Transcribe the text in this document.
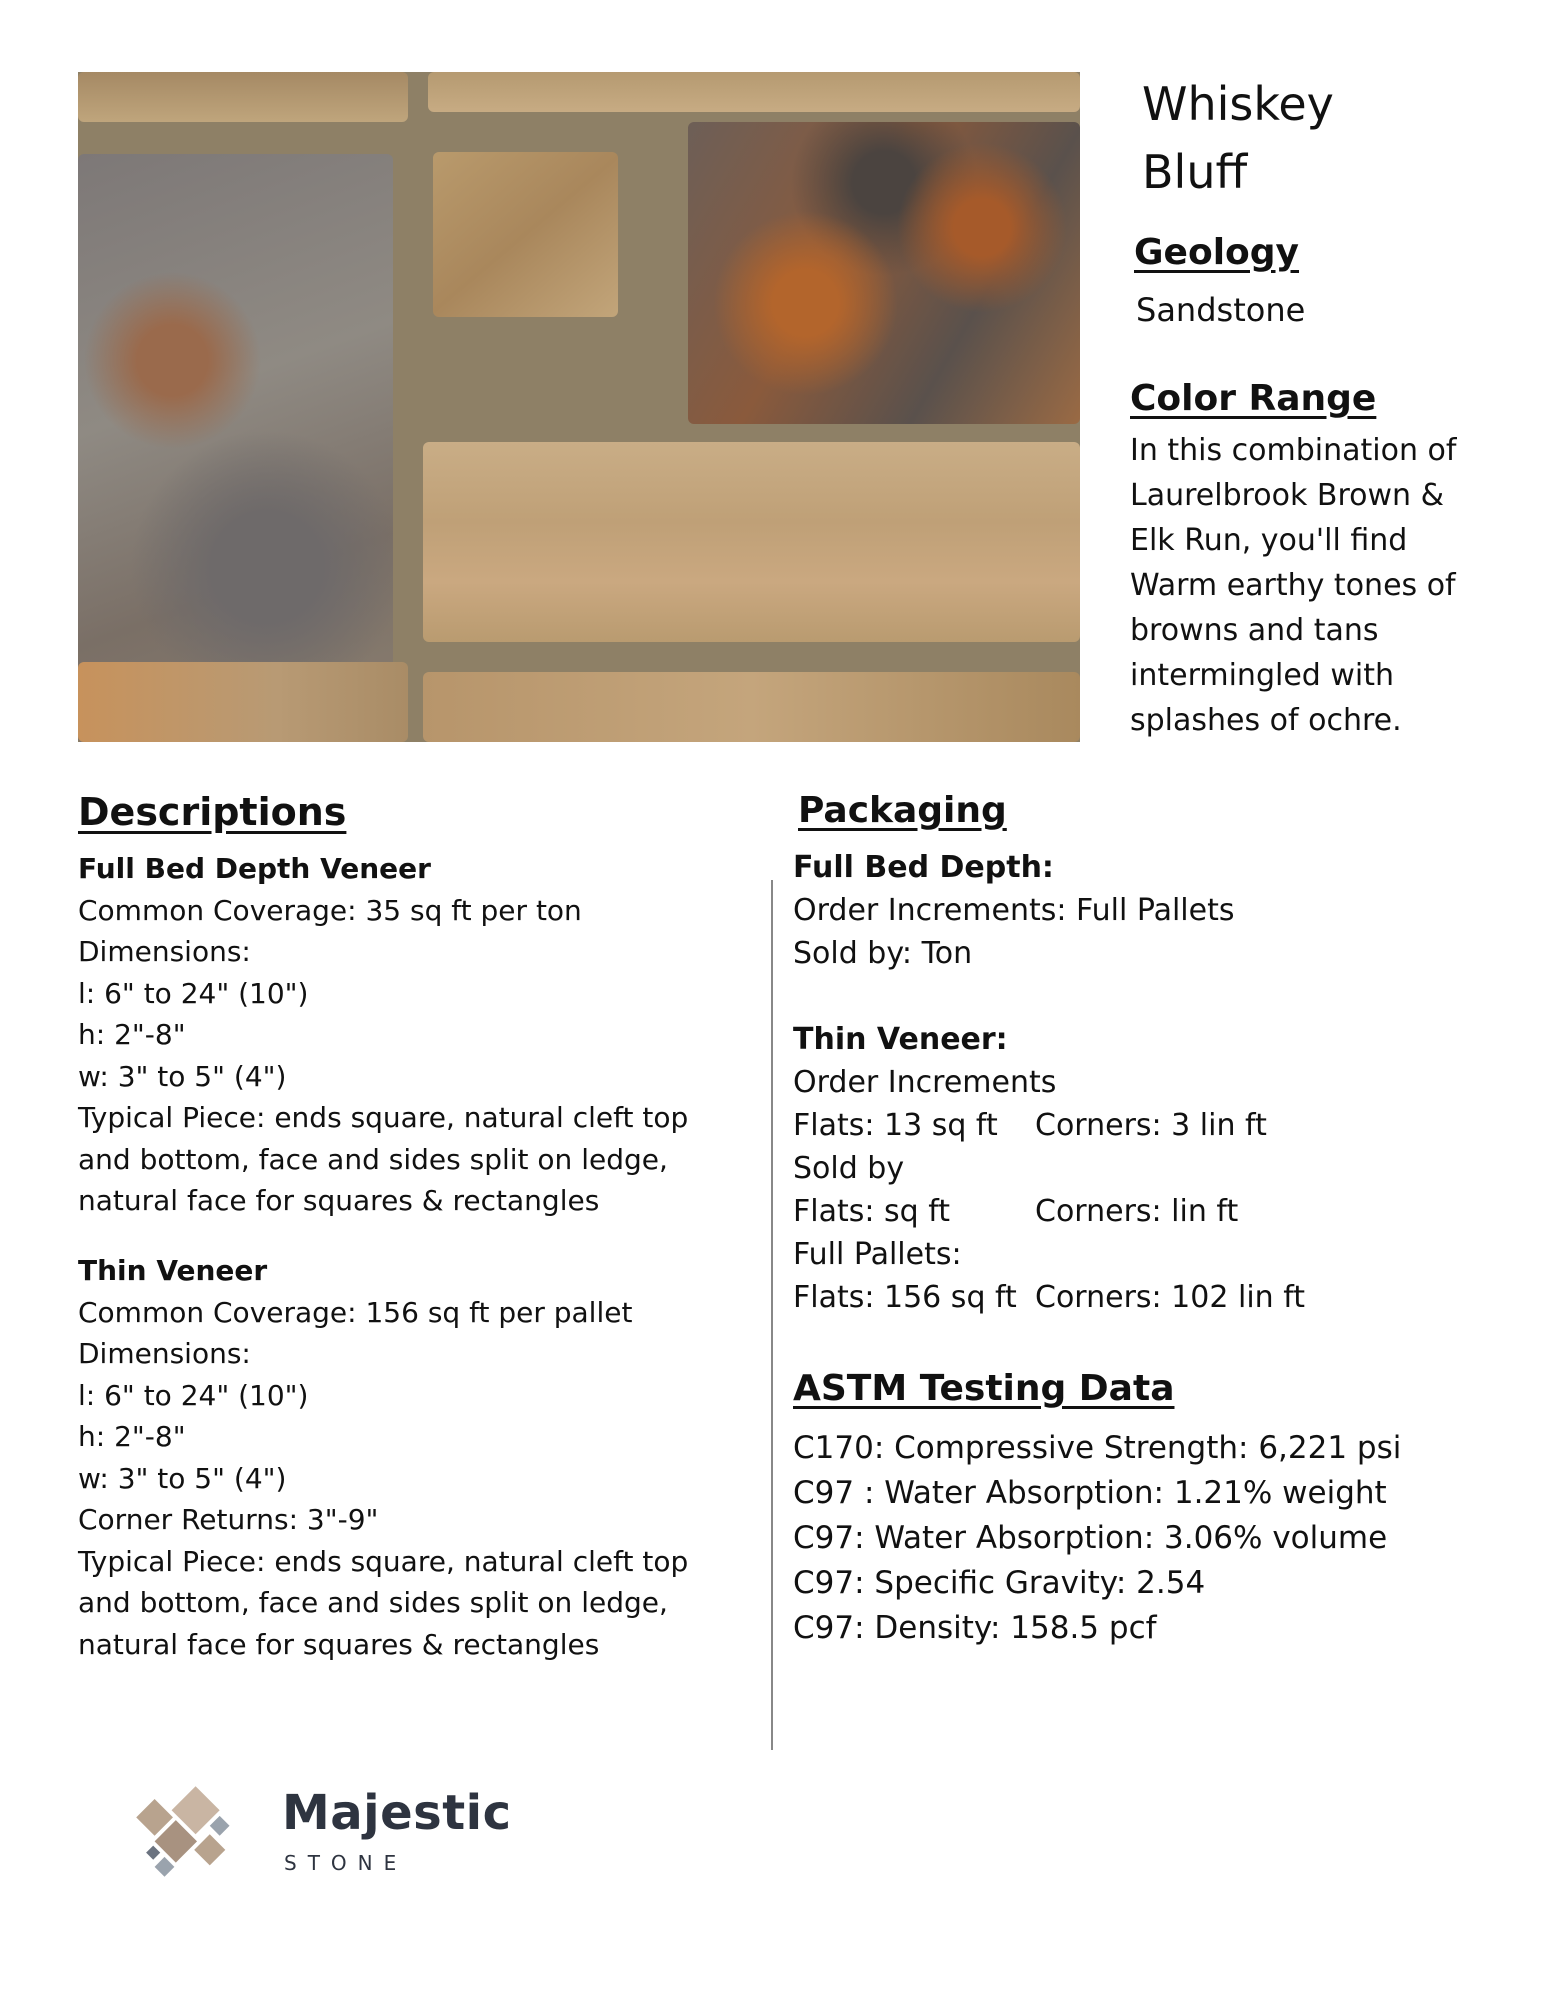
Whiskey
Bluff
Geology
Sandstone
Color Range
In this combination of
Laurelbrook Brown &
Elk Run, you'll find
Warm earthy tones of
browns and tans
intermingled with
splashes of ochre.
Descriptions
Full Bed Depth Veneer
Common Coverage: 35 sq ft per ton
Dimensions:
l: 6" to 24" (10")
h: 2"-8"
w: 3" to 5" (4")
Typical Piece: ends square, natural cleft top
and bottom, face and sides split on ledge,
natural face for squares & rectangles
Thin Veneer
Common Coverage: 156 sq ft per pallet
Dimensions:
l: 6" to 24" (10")
h: 2"-8"
w: 3" to 5" (4")
Corner Returns: 3"-9"
Typical Piece: ends square, natural cleft top
and bottom, face and sides split on ledge,
natural face for squares & rectangles
Packaging
Full Bed Depth:
Order Increments: Full Pallets
Sold by: Ton
Thin Veneer:
Order Increments
Flats: 13 sq ft	Corners: 3 lin ft
Sold by
Flats: sq ft	Corners: lin ft
Full Pallets:
Flats: 156 sq ft Corners: 102 lin ft
ASTM Testing Data
C170: Compressive Strength: 6,221 psi
C97 : Water Absorption: 1.21% weight
C97: Water Absorption: 3.06% volume
C97: Specific Gravity: 2.54
C97: Density: 158.5 pcf
Majestic
STONE
